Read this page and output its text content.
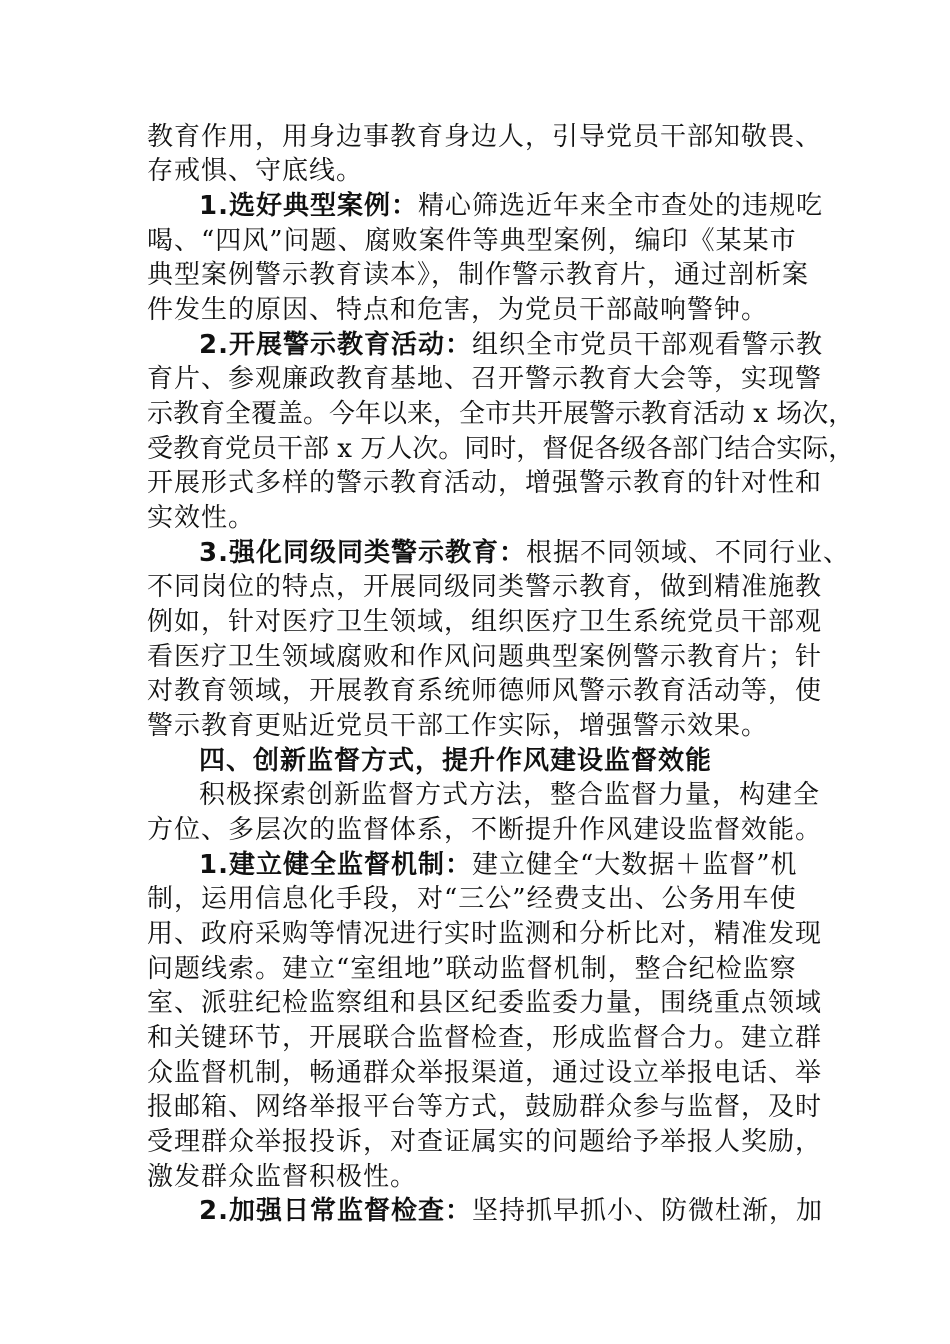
教育作用，用身边事教育身边人，引导党员干部知敬畏、
存戒惧、守底线。
1.选好典型案例：精心筛选近年来全市查处的违规吃
喝、“四风”问题、腐败案件等典型案例，编印《某某市
典型案例警示教育读本》，制作警示教育片，通过剖析案
件发生的原因、特点和危害，为党员干部敲响警钟。
2.开展警示教育活动：组织全市党员干部观看警示教
育片、参观廉政教育基地、召开警示教育大会等，实现警
示教育全覆盖。今年以来，全市共开展警示教育活动 x 场次，
受教育党员干部 x 万人次。同时，督促各级各部门结合实际，
开展形式多样的警示教育活动，增强警示教育的针对性和
实效性。
3.强化同级同类警示教育：根据不同领域、不同行业、
不同岗位的特点，开展同级同类警示教育，做到精准施教
例如，针对医疗卫生领域，组织医疗卫生系统党员干部观
看医疗卫生领域腐败和作风问题典型案例警示教育片；针
对教育领域，开展教育系统师德师风警示教育活动等，使
警示教育更贴近党员干部工作实际，增强警示效果。
四、创新监督方式，提升作风建设监督效能
积极探索创新监督方式方法，整合监督力量，构建全
方位、多层次的监督体系，不断提升作风建设监督效能。
1.建立健全监督机制：建立健全“大数据＋监督”机
制，运用信息化手段，对“三公”经费支出、公务用车使
用、政府采购等情况进行实时监测和分析比对，精准发现
问题线索。建立“室组地”联动监督机制，整合纪检监察
室、派驻纪检监察组和县区纪委监委力量，围绕重点领域
和关键环节，开展联合监督检查，形成监督合力。建立群
众监督机制，畅通群众举报渠道，通过设立举报电话、举
报邮箱、网络举报平台等方式，鼓励群众参与监督，及时
受理群众举报投诉，对查证属实的问题给予举报人奖励，
激发群众监督积极性。
2.加强日常监督检查：坚持抓早抓小、防微杜渐，加
